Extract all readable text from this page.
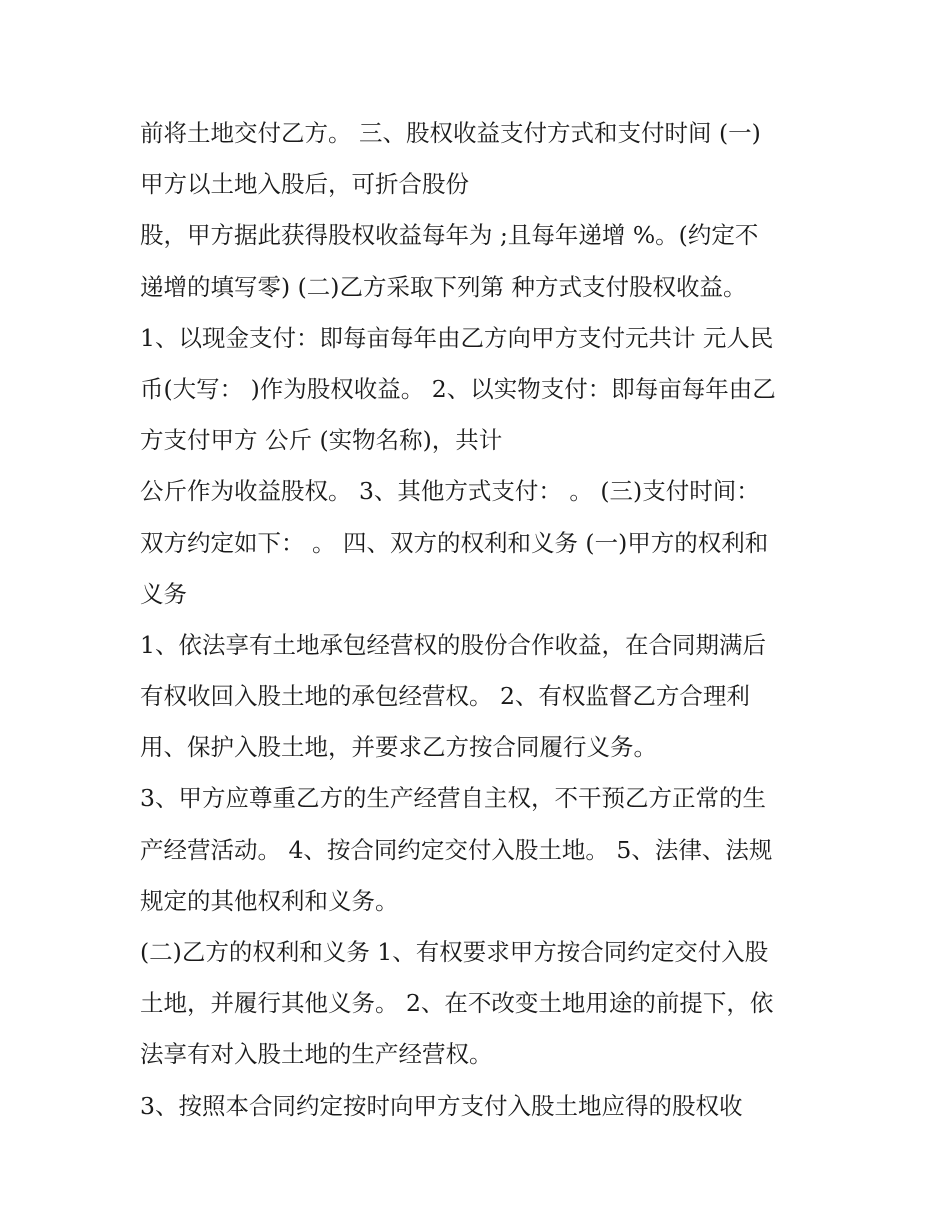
前将土地交付乙方。 三、股权收益支付方式和支付时间 (一)
甲方以土地入股后，可折合股份
股，甲方据此获得股权收益每年为 ;且每年递增 %。(约定不
递增的填写零) (二)乙方采取下列第 种方式支付股权收益。
1、以现金支付：即每亩每年由乙方向甲方支付元共计 元人民
币(大写： )作为股权收益。 2、以实物支付：即每亩每年由乙
方支付甲方 公斤 (实物名称)，共计
公斤作为收益股权。 3、其他方式支付： 。 (三)支付时间：
双方约定如下： 。 四、双方的权利和义务 (一)甲方的权利和
义务
1、依法享有土地承包经营权的股份合作收益，在合同期满后
有权收回入股土地的承包经营权。 2、有权监督乙方合理利
用、保护入股土地，并要求乙方按合同履行义务。
3、甲方应尊重乙方的生产经营自主权，不干预乙方正常的生
产经营活动。 4、按合同约定交付入股土地。 5、法律、法规
规定的其他权利和义务。
(二)乙方的权利和义务 1、有权要求甲方按合同约定交付入股
土地，并履行其他义务。 2、在不改变土地用途的前提下，依
法享有对入股土地的生产经营权。
3、按照本合同约定按时向甲方支付入股土地应得的股权收
